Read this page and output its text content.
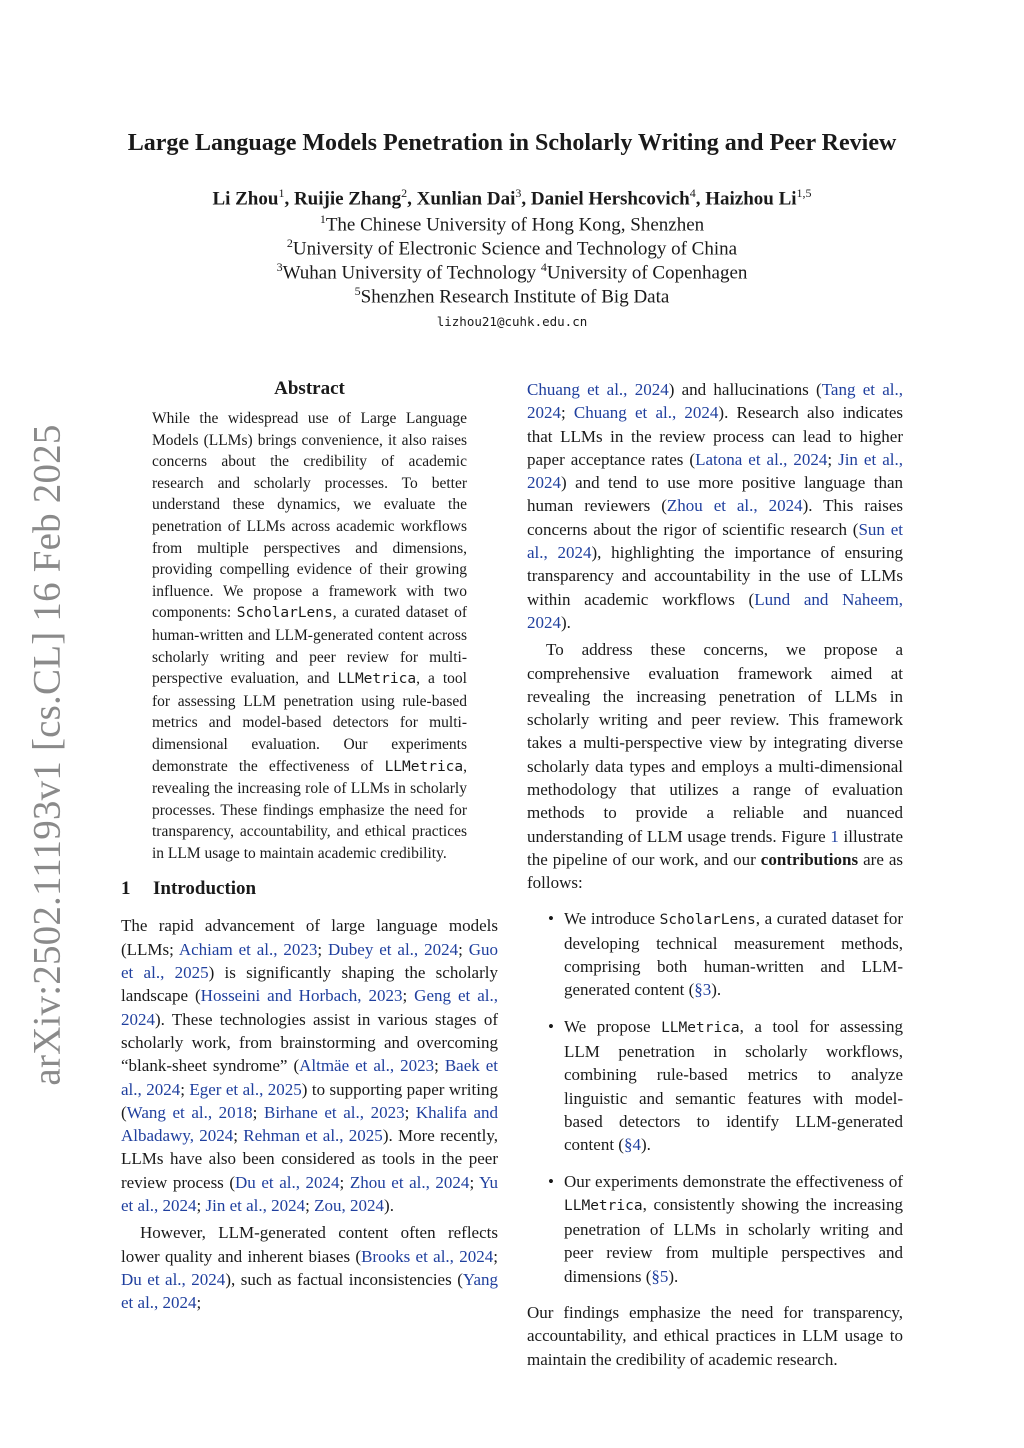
arXiv:2502.11193v1 [cs.CL] 16 Feb 2025
Large Language Models Penetration in Scholarly Writing and Peer Review
Li Zhou$^1$, Ruijie Zhang$^2$, Xunlian Dai$^3$, Daniel Hershcovich$^4$, Haizhou Li$^{1,5}$
$^1$The Chinese University of Hong Kong, Shenzhen
$^2$University of Electronic Science and Technology of China
$^3$Wuhan University of Technology $^4$University of Copenhagen
$^5$Shenzhen Research Institute of Big Data
lizhou21@cuhk.edu.cn
Abstract
While the widespread use of Large Language Models (LLMs) brings convenience, it also raises concerns about the credibility of academic research and scholarly processes. To better understand these dynamics, we evaluate the penetration of LLMs across academic workflows from multiple perspectives and dimensions, providing compelling evidence of their growing influence. We propose a framework with two components: ScholarLens, a curated dataset of human-written and LLM-generated content across scholarly writing and peer review for multi-perspective evaluation, and LLMetrica, a tool for assessing LLM penetration using rule-based metrics and model-based detectors for multi-dimensional evaluation. Our experiments demonstrate the effectiveness of LLMetrica, revealing the increasing role of LLMs in scholarly processes. These findings emphasize the need for transparency, accountability, and ethical practices in LLM usage to maintain academic credibility.
1 Introduction

The rapid advancement of large language models (LLMs; Achiam et al., 2023; Dubey et al., 2024; Guo et al., 2025) is significantly shaping the scholarly landscape (Hosseini and Horbach, 2023; Geng et al., 2024). These technologies assist in various stages of scholarly work, from brainstorming and overcoming “blank-sheet syndrome” (Altmäe et al., 2023; Baek et al., 2024; Eger et al., 2025) to supporting paper writing (Wang et al., 2018; Birhane et al., 2023; Khalifa and Albadawy, 2024; Rehman et al., 2025). More recently, LLMs have also been considered as tools in the peer review process (Du et al., 2024; Zhou et al., 2024; Yu et al., 2024; Jin et al., 2024; Zou, 2024).

However, LLM-generated content often reflects lower quality and inherent biases (Brooks et al., 2024; Du et al., 2024), such as factual inconsistencies (Yang et al., 2024;

Chuang et al., 2024) and hallucinations (Tang et al., 2024; Chuang et al., 2024). Research also indicates that LLMs in the review process can lead to higher paper acceptance rates (Latona et al., 2024; Jin et al., 2024) and tend to use more positive language than human reviewers (Zhou et al., 2024). This raises concerns about the rigor of scientific research (Sun et al., 2024), highlighting the importance of ensuring transparency and accountability in the use of LLMs within academic workflows (Lund and Naheem, 2024).

To address these concerns, we propose a comprehensive evaluation framework aimed at revealing the increasing penetration of LLMs in scholarly writing and peer review. This framework takes a multi-perspective view by integrating diverse scholarly data types and employs a multi-dimensional methodology that utilizes a range of evaluation methods to provide a reliable and nuanced understanding of LLM usage trends. Figure 1 illustrate the pipeline of our work, and our contributions are as follows:

• We introduce ScholarLens, a curated dataset for developing technical measurement methods, comprising both human-written and LLM-generated content (§3).
• We propose LLMetrica, a tool for assessing LLM penetration in scholarly workflows, combining rule-based metrics to analyze linguistic and semantic features with model-based detectors to identify LLM-generated content (§4).
• Our experiments demonstrate the effectiveness of LLMetrica, consistently showing the increasing penetration of LLMs in scholarly writing and peer review from multiple perspectives and dimensions (§5).

Our findings emphasize the need for transparency, accountability, and ethical practices in LLM usage to maintain the credibility of academic research.
